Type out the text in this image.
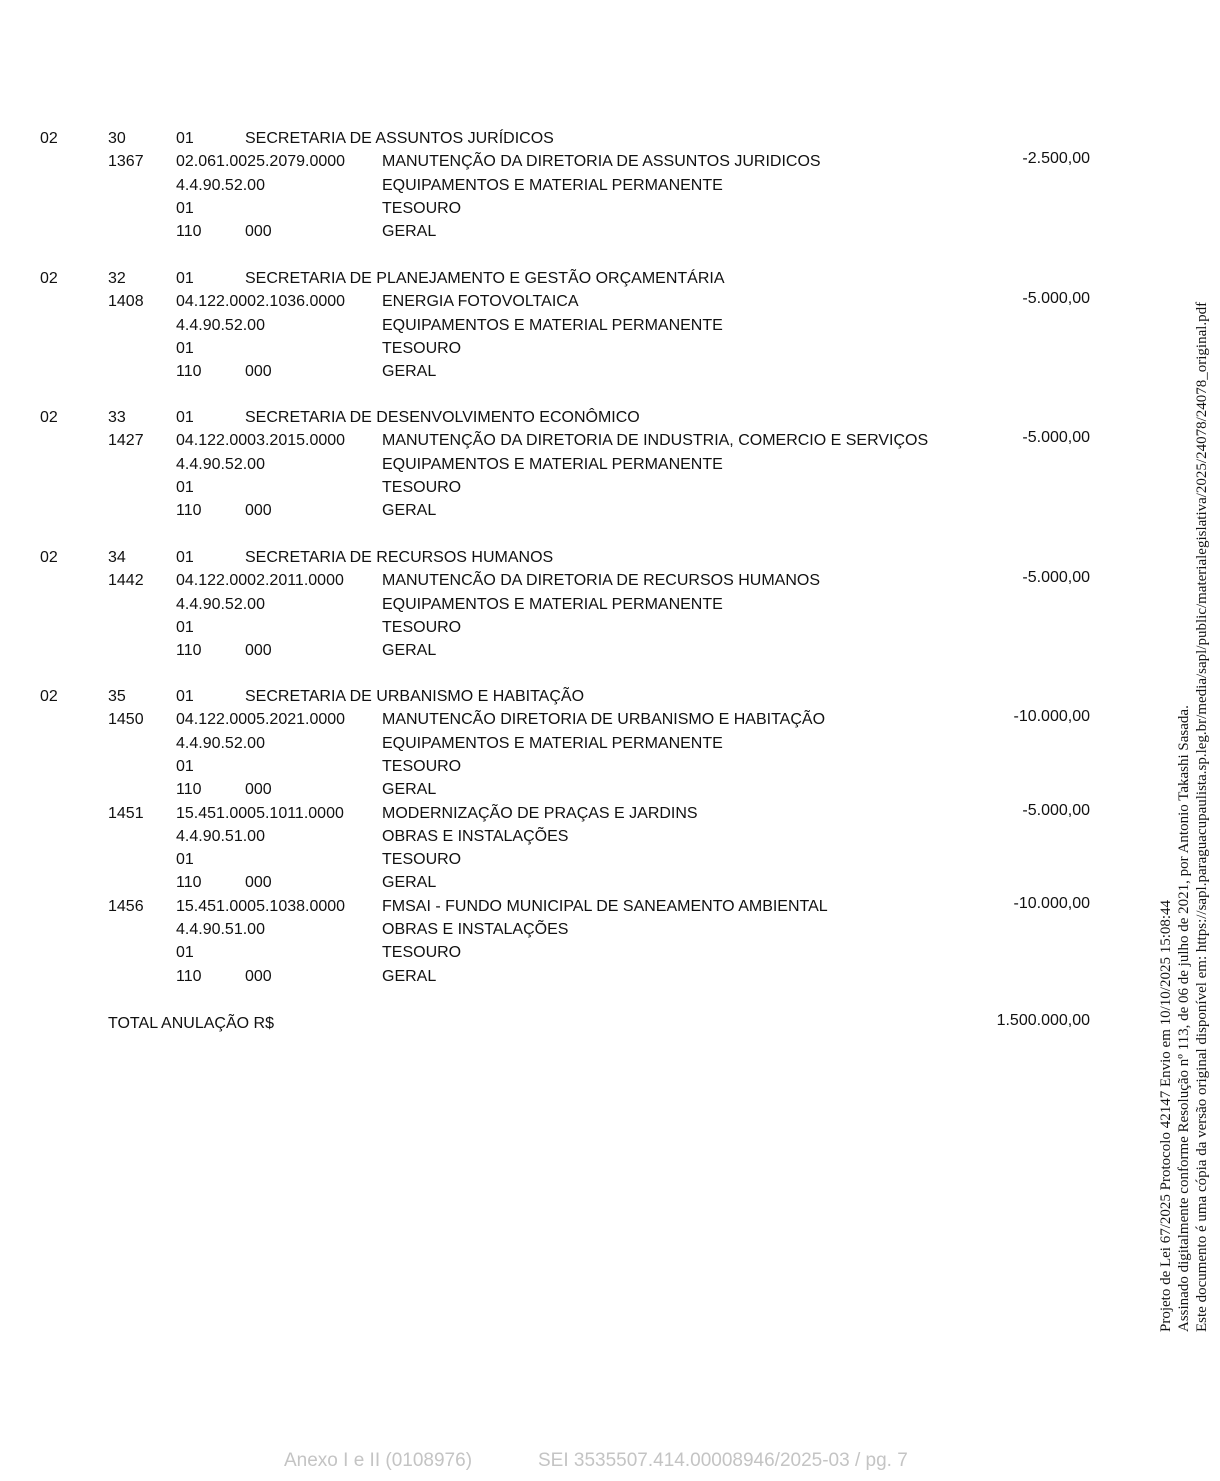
02	30	01	SECRETARIA DE ASSUNTOS JURÍDICOS
1367 02.061.0025.2079.0000 MANUTENÇÃO DA DIRETORIA DE ASSUNTOS JURIDICOS	-2.500,00
4.4.90.52.00	EQUIPAMENTOS E MATERIAL PERMANENTE
01	TESOURO
110	000	GERAL
02	32	01	SECRETARIA DE PLANEJAMENTO E GESTÃO ORÇAMENTÁRIA
1408 04.122.0002.1036.0000 ENERGIA FOTOVOLTAICA	-5.000,00
4.4.90.52.00	EQUIPAMENTOS E MATERIAL PERMANENTE
01	TESOURO
110	000	GERAL
02	33	01	SECRETARIA DE DESENVOLVIMENTO ECONÔMICO
1427 04.122.0003.2015.0000 MANUTENÇÃO DA DIRETORIA DE INDUSTRIA, COMERCIO E SERVIÇOS	-5.000,00
4.4.90.52.00	EQUIPAMENTOS E MATERIAL PERMANENTE
01	TESOURO
110	000	GERAL
02	34	01	SECRETARIA DE RECURSOS HUMANOS
1442 04.122.0002.2011.0000 MANUTENCÃO DA DIRETORIA DE RECURSOS HUMANOS	-5.000,00
4.4.90.52.00	EQUIPAMENTOS E MATERIAL PERMANENTE
01	TESOURO
110	000	GERAL
02	35	01	SECRETARIA DE URBANISMO E HABITAÇÃO
1450 04.122.0005.2021.0000 MANUTENCÃO DIRETORIA DE URBANISMO E HABITAÇÃO	-10.000,00
4.4.90.52.00	EQUIPAMENTOS E MATERIAL PERMANENTE
01	TESOURO
110	000	GERAL
1451 15.451.0005.1011.0000 MODERNIZAÇÃO DE PRAÇAS E JARDINS	-5.000,00
4.4.90.51.00	OBRAS E INSTALAÇÕES
01	TESOURO
110	000	GERAL
1456 15.451.0005.1038.0000 FMSAI - FUNDO MUNICIPAL DE SANEAMENTO AMBIENTAL	-10.000,00
4.4.90.51.00	OBRAS E INSTALAÇÕES
01	TESOURO
110	000	GERAL
TOTAL ANULAÇÃO R$	1.500.000,00	Projeto de Lei 67/2025 Protocolo 42147 Envio em 10/10/2025 15:08:44 Assinado digitalmente conforme Resolução nº 113, de 06 de julho de 2021, por Antonio Takashi Sasada. Este documento é uma cópia da versão original disponível em: https://sapl.paraguacupaulista.sp.leg.br/media/sapl/public/materialegislativa/2025/24078/24078_original.pdf
Anexo I e II (0108976)	SEI 3535507.414.00008946/2025-03 / pg. 7
